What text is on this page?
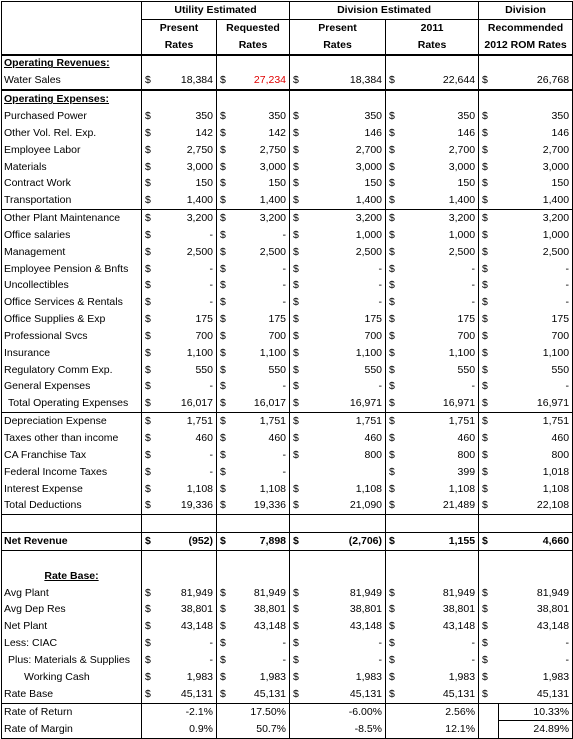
	Utility Estimated				Division Estimated				Division	
	Present		Requested		Present		2011		Recommended	
	Rates		Rates		Rates		Rates		2012 ROM Rates	
Operating Revenues:										
Water Sales	$	18,384	$	27,234	$	18,384	$	22,644	$	26,768
Operating Expenses:										
Purchased Power	$	350	$	350	$	350	$	350	$	350
Other Vol. Rel. Exp.	$	142	$	142	$	146	$	146	$	146
Employee Labor	$	2,750	$	2,750	$	2,700	$	2,700	$	2,700
Materials	$	3,000	$	3,000	$	3,000	$	3,000	$	3,000
Contract Work	$	150	$	150	$	150	$	150	$	150
Transportation	$	1,400	$	1,400	$	1,400	$	1,400	$	1,400
Other Plant Maintenance	$	3,200	$	3,200	$	3,200	$	3,200	$	3,200
Office salaries	$	-	$	-	$	1,000	$	1,000	$	1,000
Management	$	2,500	$	2,500	$	2,500	$	2,500	$	2,500
Employee Pension & Bnfts	$	-	$	-	$	-	$	-	$	-
Uncollectibles	$	-	$	-	$	-	$	-	$	-
Office Services & Rentals	$	-	$	-	$	-	$	-	$	-
Office Supplies & Exp	$	175	$	175	$	175	$	175	$	175
Professional Svcs	$	700	$	700	$	700	$	700	$	700
Insurance	$	1,100	$	1,100	$	1,100	$	1,100	$	1,100
Regulatory Comm Exp.	$	550	$	550	$	550	$	550	$	550
General Expenses	$	-	$	-	$	-	$	-	$	-
Total Operating Expenses	$	16,017	$	16,017	$	16,971	$	16,971	$	16,971
Depreciation Expense	$	1,751	$	1,751	$	1,751	$	1,751	$	1,751
Taxes other than income	$	460	$	460	$	460	$	460	$	460
CA Franchise Tax	$	-	$	-	$	800	$	800	$	800
Federal Income Taxes	$	-	$	-			$	399	$	1,018
Interest Expense	$	1,108	$	1,108	$	1,108	$	1,108	$	1,108
Total Deductions	$	19,336	$	19,336	$	21,090	$	21,489	$	22,108

Net Revenue	$	(952)	$	7,898	$	(2,706)	$	1,155	$	4,660

Rate Base:										
Avg Plant	$	81,949	$	81,949	$	81,949	$	81,949	$	81,949
Avg Dep Res	$	38,801	$	38,801	$	38,801	$	38,801	$	38,801
Net Plant	$	43,148	$	43,148	$	43,148	$	43,148	$	43,148
Less: CIAC	$	-	$	-	$	-	$	-	$	-
Plus: Materials & Supplies	$	-	$	-	$	-	$	-	$	-
Working Cash	$	1,983	$	1,983	$	1,983	$	1,983	$	1,983
Rate Base	$	45,131	$	45,131	$	45,131	$	45,131	$	45,131
Rate of Return		-2.1%		17.50%		-6.00%		2.56%		10.33%
Rate of Margin		0.9%		50.7%		-8.5%		12.1%		24.89%
